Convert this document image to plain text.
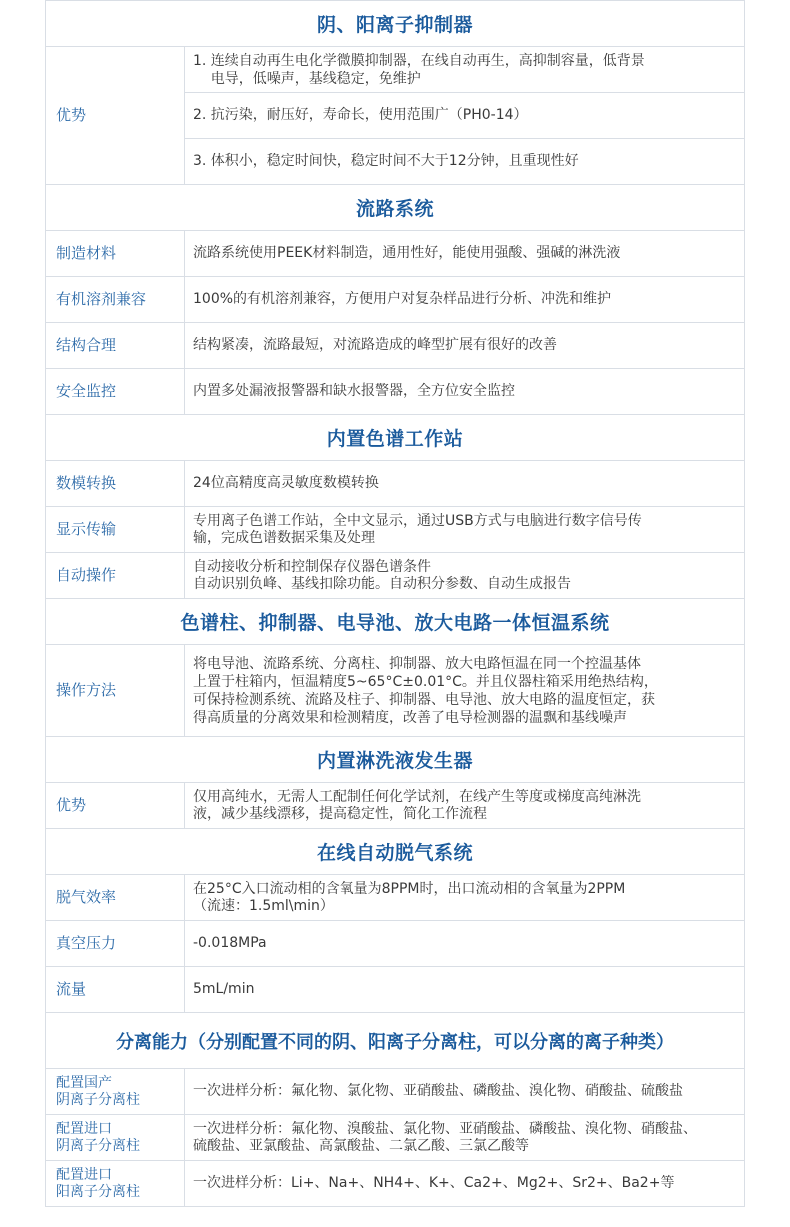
阴、阳离子抑制器	
优势	1. 连续自动再生电化学微膜抑制器，在线自动再生，高抑制容量，低背景
电导，低噪声，基线稳定，免维护

	2. 抗污染，耐压好，寿命长，使用范围广（PH0-14）

	3. 体积小，稳定时间快，稳定时间不大于12分钟，且重现性好

流路系统	
制造材料	流路系统使用PEEK材料制造，通用性好，能使用强酸、强碱的淋洗液

有机溶剂兼容	100%的有机溶剂兼容，方便用户对复杂样品进行分析、冲洗和维护

结构合理	结构紧凑，流路最短，对流路造成的峰型扩展有很好的改善

安全监控	内置多处漏液报警器和缺水报警器，全方位安全监控

内置色谱工作站	
数模转换	24位高精度高灵敏度数模转换

显示传输	专用离子色谱工作站，全中文显示，通过USB方式与电脑进行数字信号传
输，完成色谱数据采集及处理

自动操作	自动接收分析和控制保存仪器色谱条件
自动识别负峰、基线扣除功能。自动积分参数、自动生成报告

色谱柱、抑制器、电导池、放大电路一体恒温系统	
操作方法	将电导池、流路系统、分离柱、抑制器、放大电路恒温在同一个控温基体
上置于柱箱内，恒温精度5~65°C±0.01°C。并且仪器柱箱采用绝热结构，
可保持检测系统、流路及柱子、抑制器、电导池、放大电路的温度恒定，获
得高质量的分离效果和检测精度，改善了电导检测器的温飘和基线噪声

内置淋洗液发生器	
优势	仅用高纯水，无需人工配制任何化学试剂，在线产生等度或梯度高纯淋洗
液，减少基线漂移，提高稳定性，简化工作流程

在线自动脱气系统	
脱气效率	在25°C入口流动相的含氧量为8PPM时，出口流动相的含氧量为2PPM
（流速：1.5ml\min）

真空压力	-0.018MPa

流量	5mL/min

分离能力（分别配置不同的阴、阳离子分离柱，可以分离的离子种类）	

配置国产
阴离子分离柱	一次进样分析：氟化物、氯化物、亚硝酸盐、磷酸盐、溴化物、硝酸盐、硫酸盐

配置进口
阴离子分离柱	一次进样分析：氟化物、溴酸盐、氯化物、亚硝酸盐、磷酸盐、溴化物、硝酸盐、
硫酸盐、亚氯酸盐、高氯酸盐、二氯乙酸、三氯乙酸等

配置进口
阳离子分离柱	一次进样分析：Li+、Na+、NH4+、K+、Ca2+、Mg2+、Sr2+、Ba2+等
